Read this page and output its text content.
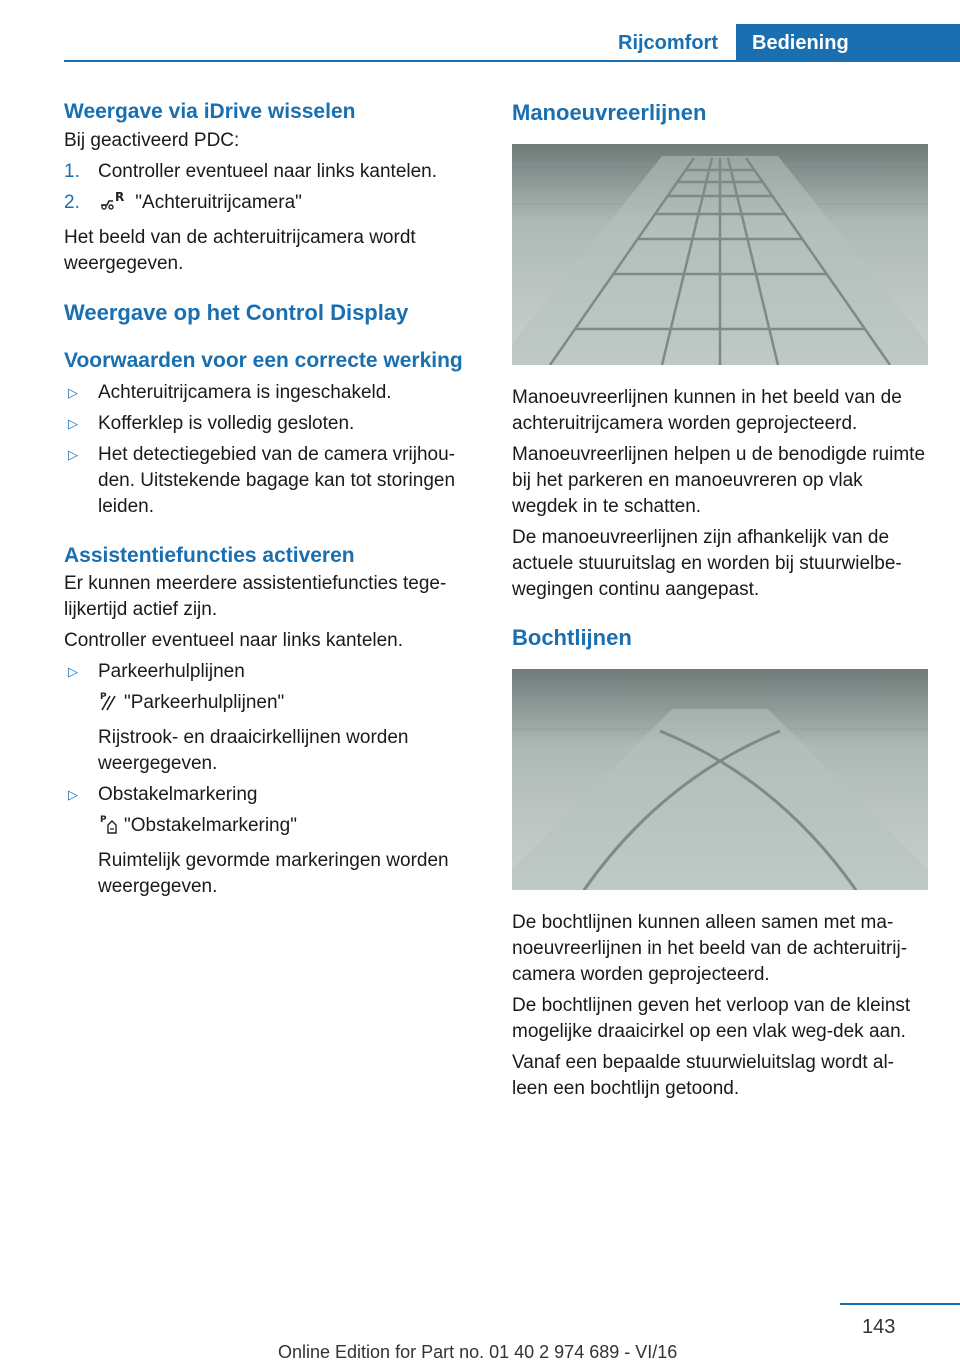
Rijcomfort	Bediening
Weergave via iDrive wisselen

Bij geactiveerd PDC:

1. Controller eventueel naar links kantelen.
2.	R "Achteruitrijcamera"

Het beeld van de achteruitrijcamera wordt weergegeven.

Weergave op het Control Display
Voorwaarden voor een correcte werking
▷ Achteruitrijcamera is ingeschakeld.
▷ Kofferklep is volledig gesloten.
▷ Het detectiegebied van de camera vrijhou‐den. Uitstekende bagage kan tot storingen leiden.
Assistentiefuncties activeren

Er kunnen meerdere assistentiefuncties tege‐lijkertijd actief zijn.

Controller eventueel naar links kantelen.

▷ Parkeerhulplijnen
P "Parkeerhulplijnen"
Rijstrook- en draaicirkellijnen worden weergegeven.
▷ Obstakelmarkering
P "Obstakelmarkering"
Ruimtelijk gevormde markeringen worden weergegeven.
Manoeuvreerlijnen

Manoeuvreerlijnen kunnen in het beeld van de achteruitrijcamera worden geprojecteerd.

Manoeuvreerlijnen helpen u de benodigde ruimte bij het parkeren en manoeuvreren op vlak wegdek in te schatten.

De manoeuvreerlijnen zijn afhankelijk van de actuele stuuruitslag en worden bij stuurwielbe‐wegingen continu aangepast.

Bochtlijnen

De bochtlijnen kunnen alleen samen met ma‐noeuvreerlijnen in het beeld van de achteruitrij‐camera worden geprojecteerd.

De bochtlijnen geven het verloop van de kleinst mogelijke draaicirkel op een vlak weg‐dek aan.

Vanaf een bepaalde stuurwieluitslag wordt al‐leen een bochtlijn getoond.

143
Online Edition for Part no. 01 40 2 974 689 - VI/16
